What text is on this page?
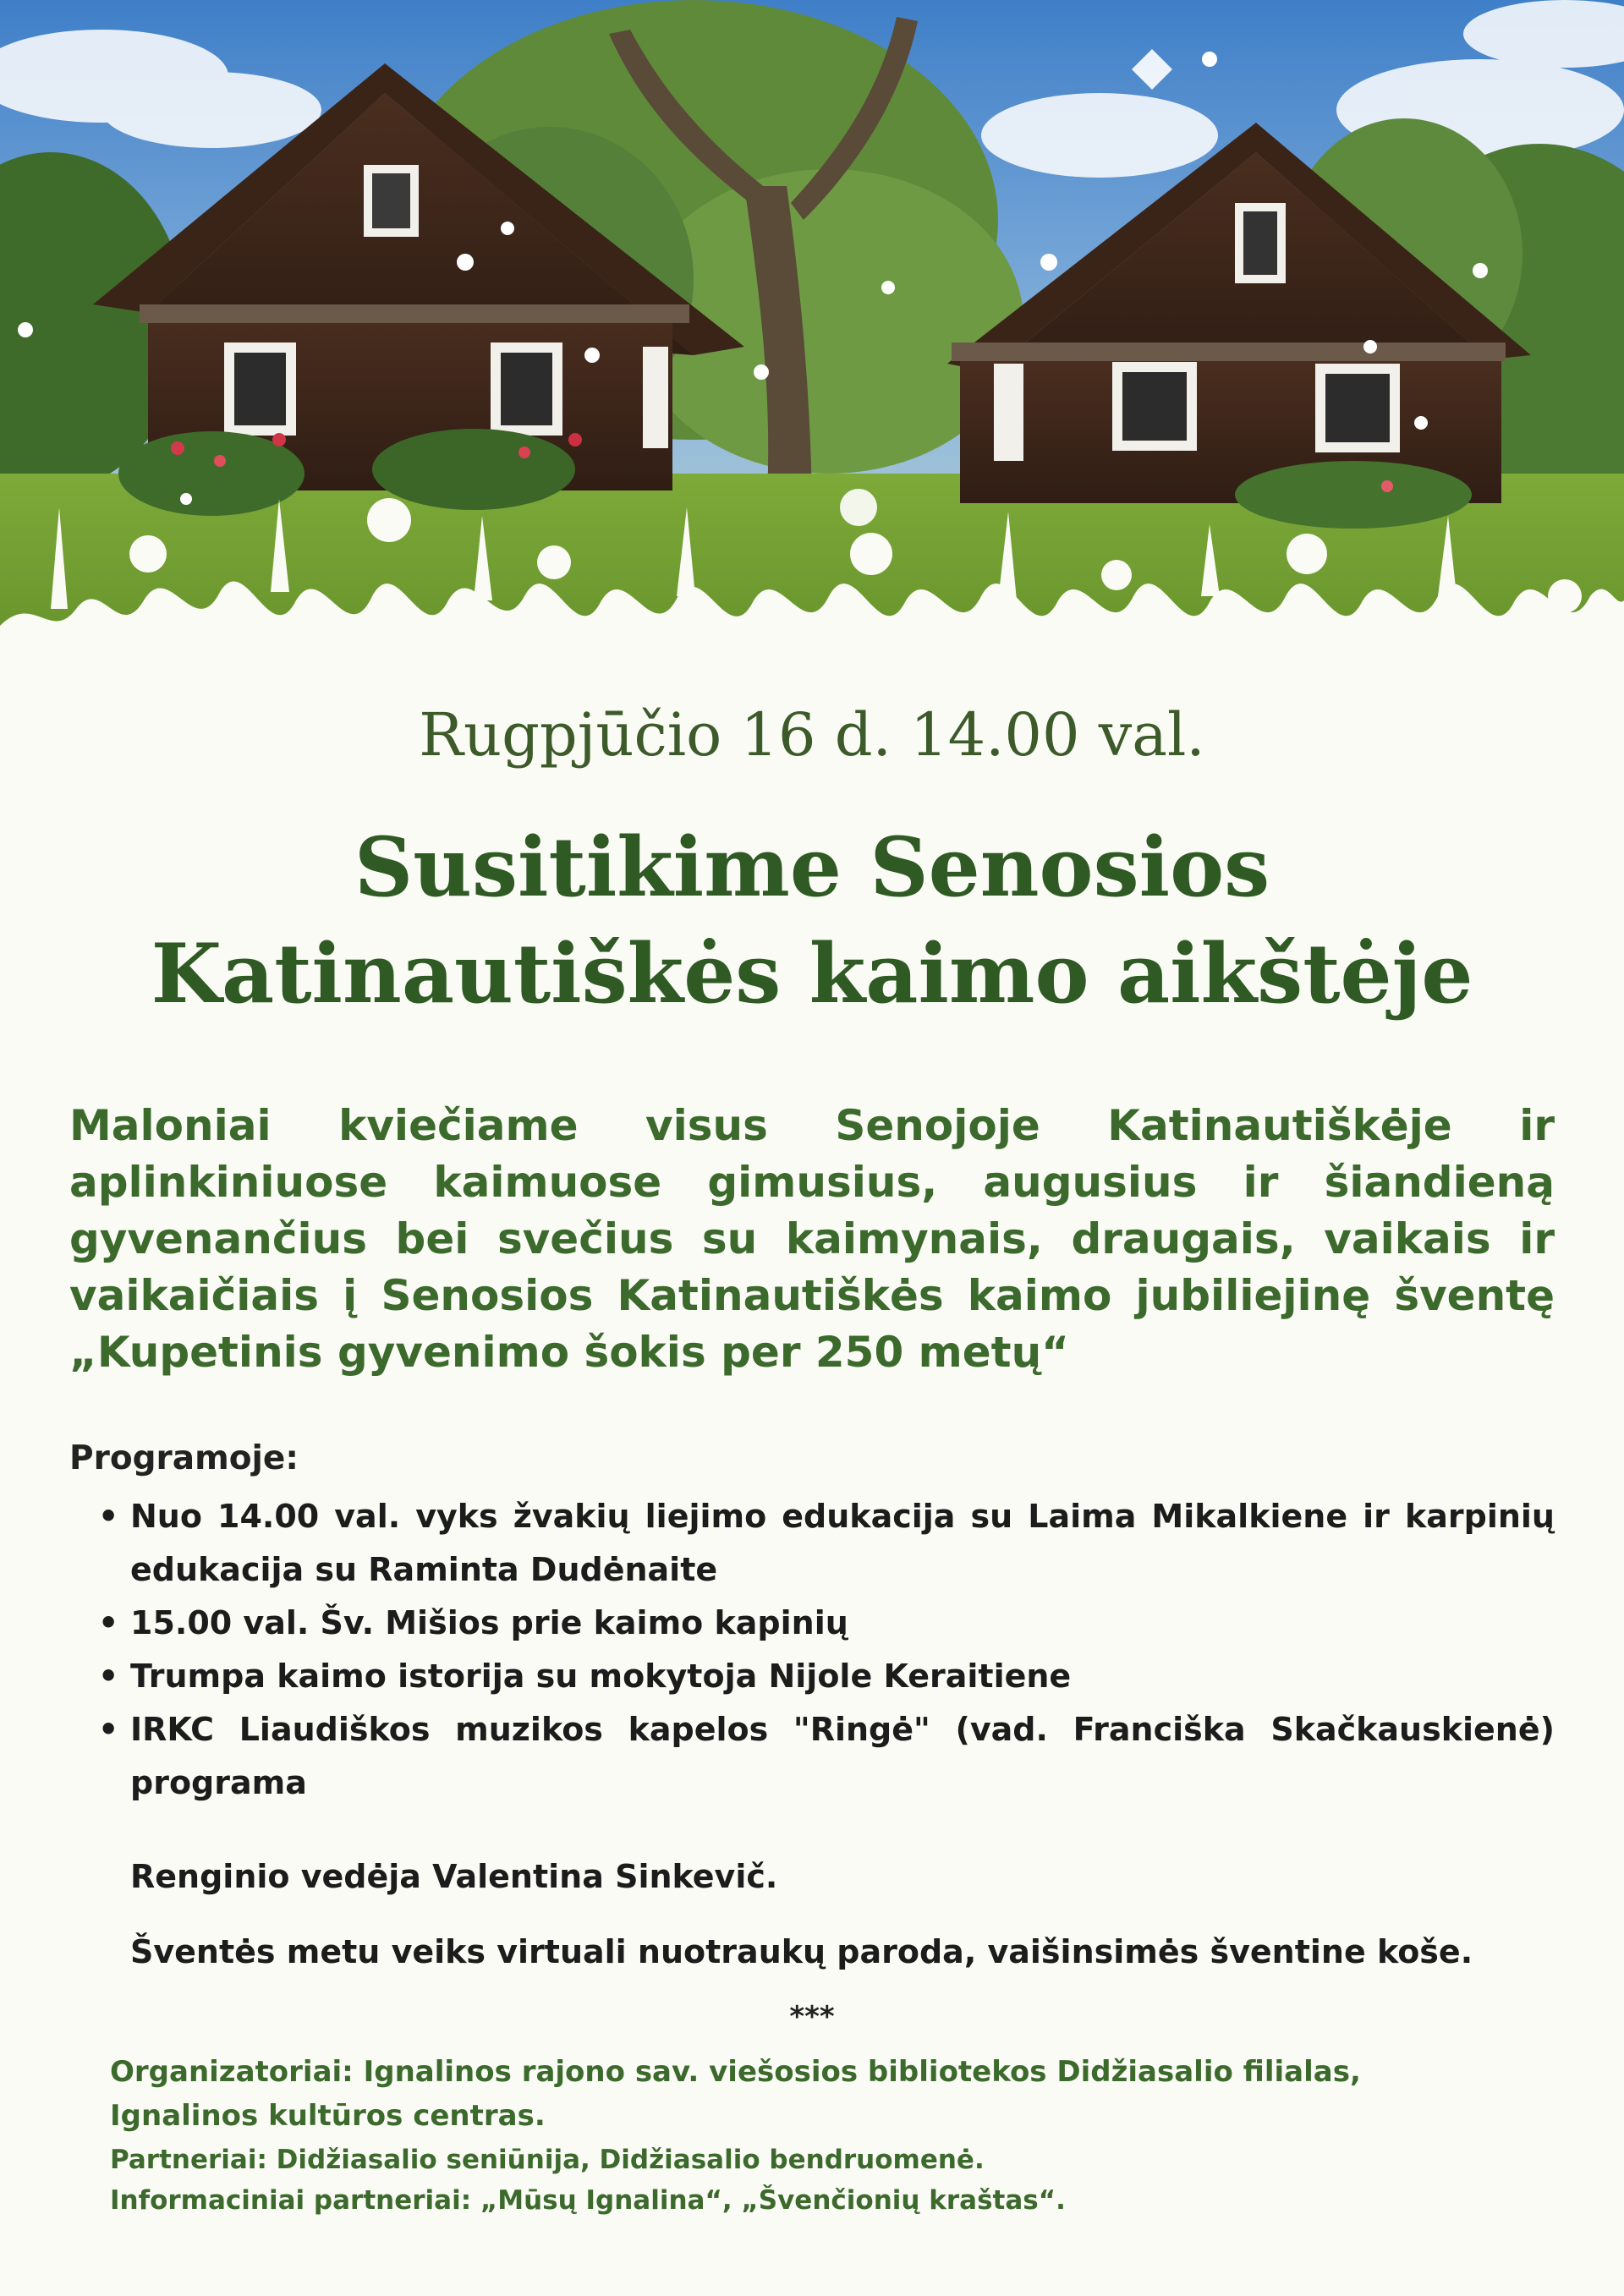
Rugpjūčio 16 d. 14.00 val.
Susitikime Senosios
Katinautiškės kaimo aikštėje
Maloniai kviečiame visus Senojoje Katinautiškėje ir aplinkiniuose kaimuose gimusius, augusius ir šiandieną gyvenančius bei svečius su kaimynais, draugais, vaikais ir vaikaičiais į Senosios Katinautiškės kaimo jubiliejinę šventę „Kupetinis gyvenimo šokis per 250 metų“
Programoje:
• Nuo 14.00 val. vyks žvakių liejimo edukacija su Laima Mikalkiene ir karpinių edukacija su Raminta Dudėnaite
• 15.00 val. Šv. Mišios prie kaimo kapinių
• Trumpa kaimo istorija su mokytoja Nijole Keraitiene
• IRKC Liaudiškos muzikos kapelos "Ringė" (vad. Franciška Skačkauskienė) programa
Renginio vedėja Valentina Sinkevič.
Šventės metu veiks virtuali nuotraukų paroda, vaišinsimės šventine koše.
***
Organizatoriai: Ignalinos rajono sav. viešosios bibliotekos Didžiasalio filialas,
Ignalinos kultūros centras.
Partneriai: Didžiasalio seniūnija, Didžiasalio bendruomenė.
Informaciniai partneriai: „Mūsų Ignalina“, „Švenčionių kraštas“.
